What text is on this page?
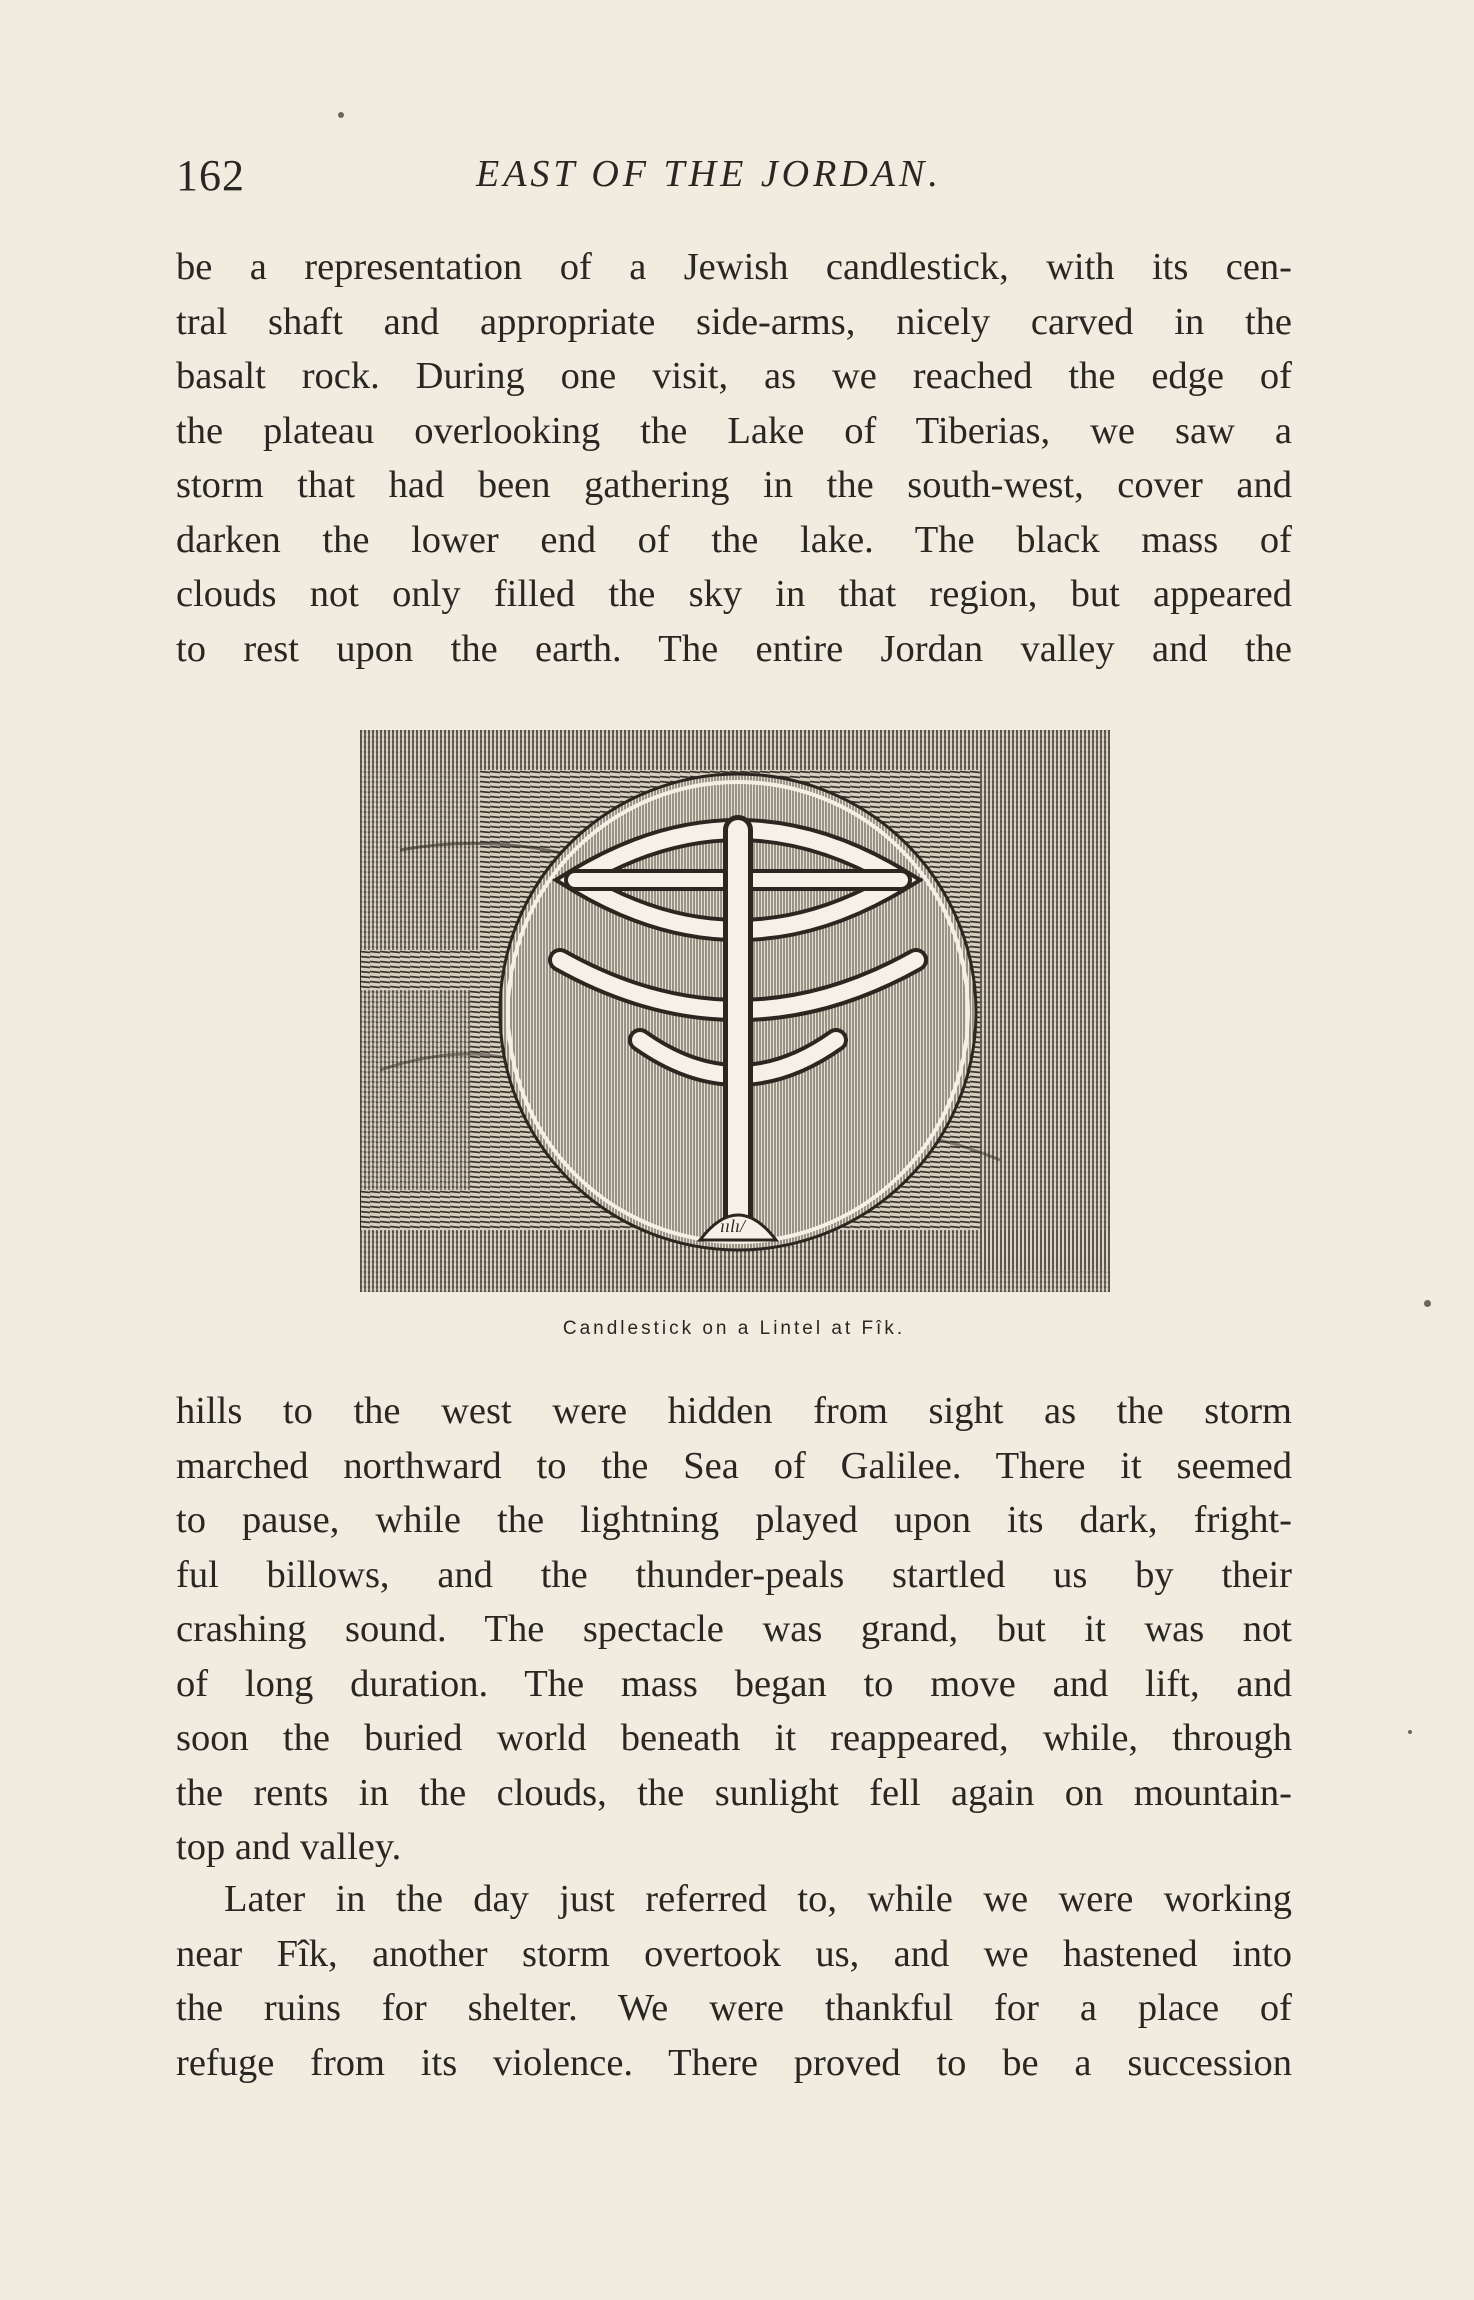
162	EAST OF THE JORDAN.

be a representation of a Jewish candlestick, with its cen-
tral shaft and appropriate side-arms, nicely carved in the
basalt rock. During one visit, as we reached the edge of
the plateau overlooking the Lake of Tiberias, we saw a
storm that had been gathering in the south-west, cover and
darken the lower end of the lake. The black mass of
clouds not only filled the sky in that region, but appeared
to rest upon the earth. The entire Jordan valley and the

ıılı/
Candlestick on a Lintel at Fîk.

hills to the west were hidden from sight as the storm
marched northward to the Sea of Galilee. There it seemed
to pause, while the lightning played upon its dark, fright-
ful billows, and the thunder-peals startled us by their
crashing sound. The spectacle was grand, but it was not
of long duration. The mass began to move and lift, and
soon the buried world beneath it reappeared, while, through
the rents in the clouds, the sunlight fell again on mountain-
top and valley.

Later in the day just referred to, while we were working
near Fîk, another storm overtook us, and we hastened into
the ruins for shelter. We were thankful for a place of
refuge from its violence. There proved to be a succession
